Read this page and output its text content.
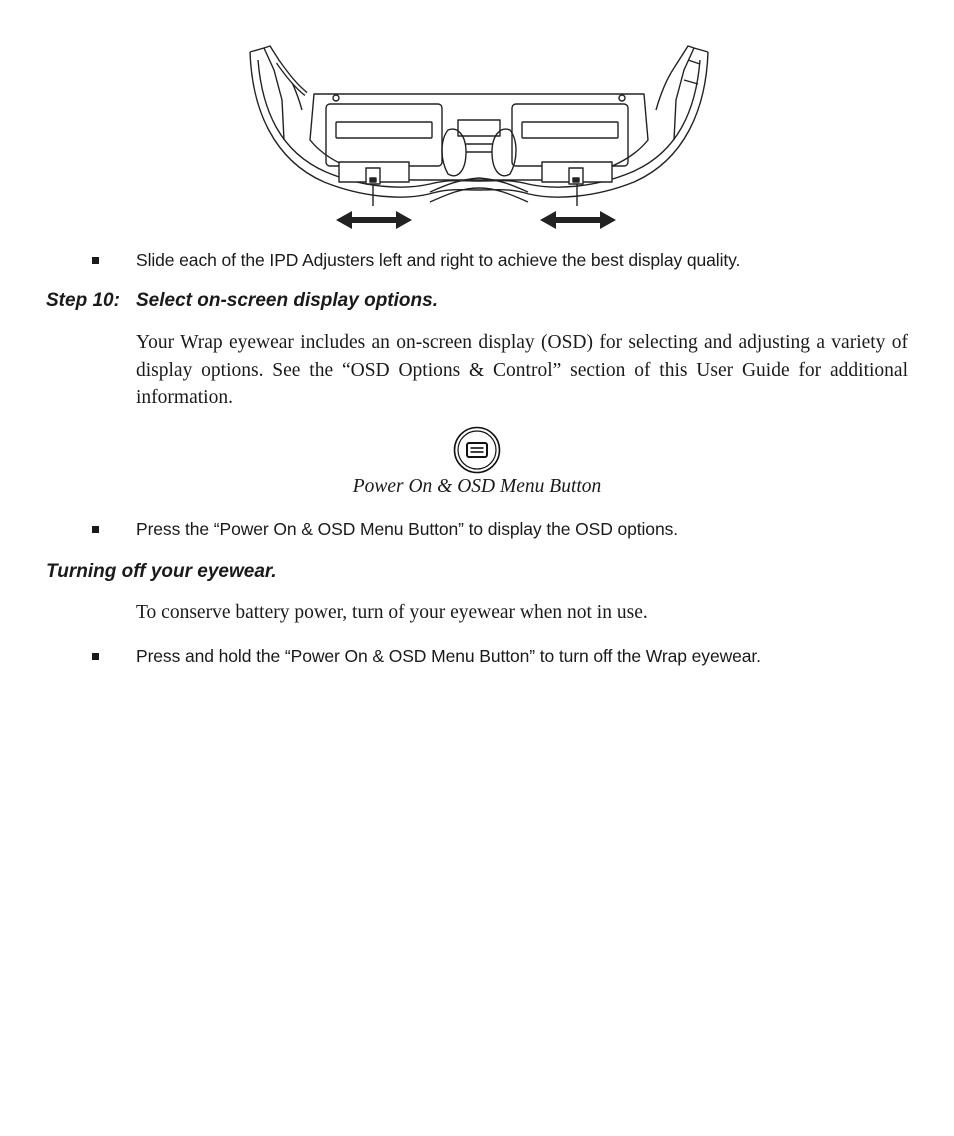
Slide each of the IPD Adjusters left and right to achieve the best display quality.
Step 10: Select on-screen display options.
Your Wrap eyewear includes an on-screen display (OSD) for selecting and adjusting a variety of display options. See the “OSD Options & Control” section of this User Guide for additional information.
Power On & OSD Menu Button
Press the “Power On & OSD Menu Button” to display the OSD options.
Turning off your eyewear.
To conserve battery power, turn of your eyewear when not in use.
Press and hold the “Power On & OSD Menu Button” to turn off the Wrap eyewear.
